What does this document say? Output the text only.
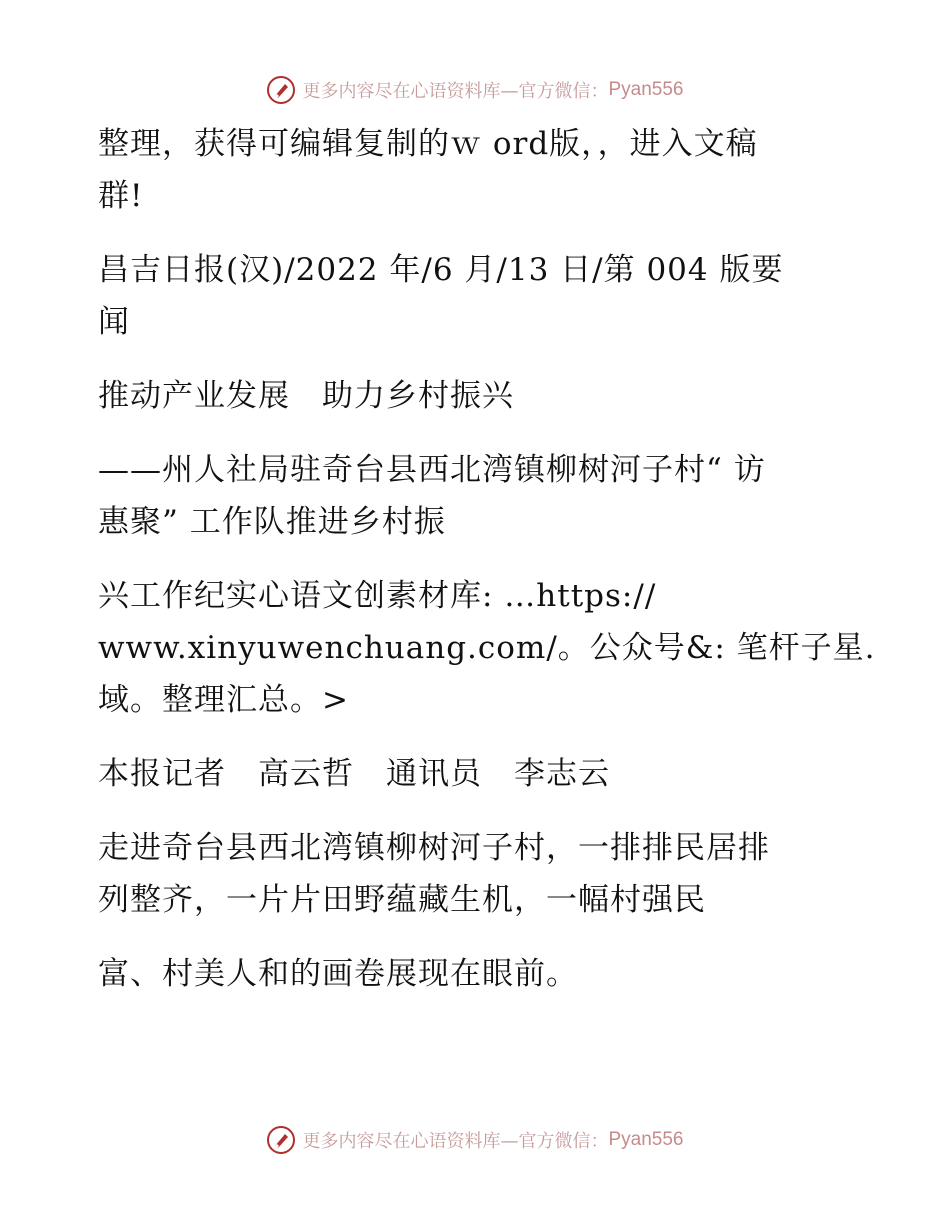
更多内容尽在心语资料库—官方微信： Pyan556
整理，获得可编辑复制的ｗ ord版，，进入文稿
群!
昌吉日报(汉)/2022 年/6 月/13 日/第 004 版要
闻
推动产业发展　助力乡村振兴
——州人社局驻奇台县西北湾镇柳树河子村“ 访
惠聚” 工作队推进乡村振
兴工作纪实心语文创素材库: …https://
www.xinyuwenchuang.com/。公众号&: 笔杆子星.
域。整理汇总。>
本报记者　高云哲　通讯员　李志云
走进奇台县西北湾镇柳树河子村，一排排民居排
列整齐，一片片田野蕴藏生机，一幅村强民
富、村美人和的画卷展现在眼前。
更多内容尽在心语资料库—官方微信： Pyan556
